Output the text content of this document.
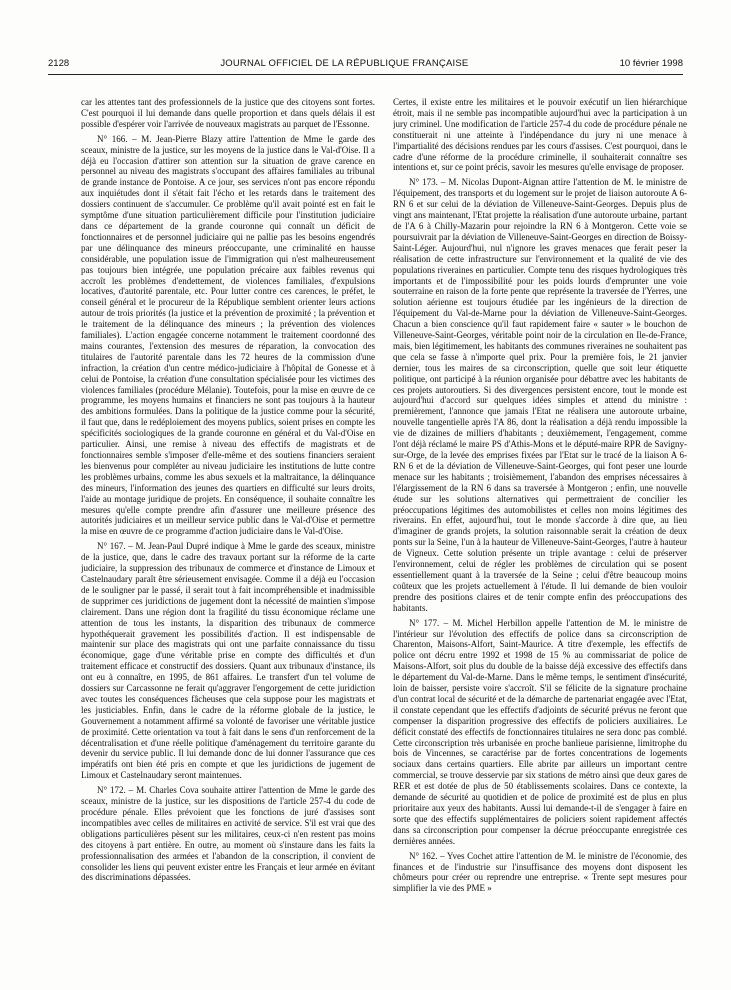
2128	JOURNAL OFFICIEL DE LA RÉPUBLIQUE FRANÇAISE	10 février 1998

car les attentes tant des professionnels de la justice que des citoyens sont fortes. C'est pourquoi il lui demande dans quelle proportion et dans quels délais il est possible d'espérer voir l'arrivée de nouveaux magistrats au parquet de l'Essonne.

N° 166. – M. Jean-Pierre Blazy attire l'attention de Mme le garde des sceaux, ministre de la justice, sur les moyens de la justice dans le Val-d'Oise. Il a déjà eu l'occasion d'attirer son attention sur la situation de grave carence en personnel au niveau des magistrats s'occupant des affaires familiales au tribunal de grande instance de Pontoise. A ce jour, ses services n'ont pas encore répondu aux inquiétudes dont il s'était fait l'écho et les retards dans le traitement des dossiers continuent de s'accumuler. Ce problème qu'il avait pointé est en fait le symptôme d'une situation particulièrement difficile pour l'institution judiciaire dans ce département de la grande couronne qui connaît un déficit de fonctionnaires et de personnel judiciaire qui ne pallie pas les besoins engendrés par une délinquance des mineurs préoccupante, une criminalité en hausse considérable, une population issue de l'immigration qui n'est malheureusement pas toujours bien intégrée, une population précaire aux faibles revenus qui accroît les problèmes d'endettement, de violences familiales, d'expulsions locatives, d'autorité parentale, etc. Pour lutter contre ces carences, le préfet, le conseil général et le procureur de la République semblent orienter leurs actions autour de trois priorités (la justice et la prévention de proximité ; la prévention et le traitement de la délinquance des mineurs ; la prévention des violences familiales). L'action engagée concerne notamment le traitement coordonné des mains courantes, l'extension des mesures de réparation, la convocation des titulaires de l'autorité parentale dans les 72 heures de la commission d'une infraction, la création d'un centre médico-judiciaire à l'hôpital de Gonesse et à celui de Pontoise, la création d'une consultation spécialisée pour les victimes des violences familiales (procédure Mélanie). Toutefois, pour la mise en œuvre de ce programme, les moyens humains et financiers ne sont pas toujours à la hauteur des ambitions formulées. Dans la politique de la justice comme pour la sécurité, il faut que, dans le redéploiement des moyens publics, soient prises en compte les spécificités sociologiques de la grande couronne en général et du Val-d'Oise en particulier. Ainsi, une remise à niveau des effectifs de magistrats et de fonctionnaires semble s'imposer d'elle-même et des soutiens financiers seraient les bienvenus pour compléter au niveau judiciaire les institutions de lutte contre les problèmes urbains, comme les abus sexuels et la maltraitance, la délinquance des mineurs, l'information des jeunes des quartiers en difficulté sur leurs droits, l'aide au montage juridique de projets. En conséquence, il souhaite connaître les mesures qu'elle compte prendre afin d'assurer une meilleure présence des autorités judiciaires et un meilleur service public dans le Val-d'Oise et permettre la mise en œuvre de ce programme d'action judiciaire dans le Val-d'Oise.

N° 167. – M. Jean-Paul Dupré indique à Mme le garde des sceaux, ministre de la justice, que, dans le cadre des travaux portant sur la réforme de la carte judiciaire, la suppression des tribunaux de commerce et d'instance de Limoux et Castelnaudary paraît être sérieusement envisagée. Comme il a déjà eu l'occasion de le souligner par le passé, il serait tout à fait incompréhensible et inadmissible de supprimer ces juridictions de jugement dont la nécessité de maintien s'impose clairement. Dans une région dont la fragilité du tissu économique réclame une attention de tous les instants, la disparition des tribunaux de commerce hypothéquerait gravement les possibilités d'action. Il est indispensable de maintenir sur place des magistrats qui ont une parfaite connaissance du tissu économique, gage d'une véritable prise en compte des difficultés et d'un traitement efficace et constructif des dossiers. Quant aux tribunaux d'instance, ils ont eu à connaître, en 1995, de 861 affaires. Le transfert d'un tel volume de dossiers sur Carcassonne ne ferait qu'aggraver l'engorgement de cette juridiction avec toutes les conséquences fâcheuses que cela suppose pour les magistrats et les justiciables. Enfin, dans le cadre de la réforme globale de la justice, le Gouvernement a notamment affirmé sa volonté de favoriser une véritable justice de proximité. Cette orientation va tout à fait dans le sens d'un renforcement de la décentralisation et d'une réelle politique d'aménagement du territoire garante du devenir du service public. Il lui demande donc de lui donner l'assurance que ces impératifs ont bien été pris en compte et que les juridictions de jugement de Limoux et Castelnaudary seront maintenues.

N° 172. – M. Charles Cova souhaite attirer l'attention de Mme le garde des sceaux, ministre de la justice, sur les dispositions de l'article 257-4 du code de procédure pénale. Elles prévoient que les fonctions de juré d'assises sont incompatibles avec celles de militaires en activité de service. S'il est vrai que des obligations particulières pèsent sur les militaires, ceux-ci n'en restent pas moins des citoyens à part entière. En outre, au moment où s'instaure dans les faits la professionnalisation des armées et l'abandon de la conscription, il convient de consolider les liens qui peuvent exister entre les Français et leur armée en évitant des discriminations dépassées.

Certes, il existe entre les militaires et le pouvoir exécutif un lien hiérarchique étroit, mais il ne semble pas incompatible aujourd'hui avec la participation à un jury criminel. Une modification de l'article 257-4 du code de procédure pénale ne constituerait ni une atteinte à l'indépendance du jury ni une menace à l'impartialité des décisions rendues par les cours d'assises. C'est pourquoi, dans le cadre d'une réforme de la procédure criminelle, il souhaiterait connaître ses intentions et, sur ce point précis, savoir les mesures qu'elle envisage de proposer.

N° 173. – M. Nicolas Dupont-Aignan attire l'attention de M. le ministre de l'équipement, des transports et du logement sur le projet de liaison autoroute A 6-RN 6 et sur celui de la déviation de Villeneuve-Saint-Georges. Depuis plus de vingt ans maintenant, l'Etat projette la réalisation d'une autoroute urbaine, partant de l'A 6 à Chilly-Mazarin pour rejoindre la RN 6 à Montgeron. Cette voie se poursuivrait par la déviation de Villeneuve-Saint-Georges en direction de Boissy-Saint-Léger. Aujourd'hui, nul n'ignore les graves menaces que ferait peser la réalisation de cette infrastructure sur l'environnement et la qualité de vie des populations riveraines en particulier. Compte tenu des risques hydrologiques très importants et de l'impossibilité pour les poids lourds d'emprunter une voie souterraine en raison de la forte pente que représente la traversée de l'Yerres, une solution aérienne est toujours étudiée par les ingénieurs de la direction de l'équipement du Val-de-Marne pour la déviation de Villeneuve-Saint-Georges. Chacun a bien conscience qu'il faut rapidement faire « sauter » le bouchon de Villeneuve-Saint-Georges, véritable point noir de la circulation en Ile-de-France, mais, bien légitimement, les habitants des communes riveraines ne souhaitent pas que cela se fasse à n'importe quel prix. Pour la première fois, le 21 janvier dernier, tous les maires de sa circonscription, quelle que soit leur étiquette politique, ont participé à la réunion organisée pour débattre avec les habitants de ces projets autoroutiers. Si des divergences persistent encore, tout le monde est aujourd'hui d'accord sur quelques idées simples et attend du ministre : premièrement, l'annonce que jamais l'Etat ne réalisera une autoroute urbaine, nouvelle tangentielle après l'A 86, dont la réalisation a déjà rendu impossible la vie de dizaines de milliers d'habitants ; deuxièmement, l'engagement, comme l'ont déjà réclamé le maire PS d'Athis-Mons et le député-maire RPR de Savigny-sur-Orge, de la levée des emprises fixées par l'Etat sur le tracé de la liaison A 6-RN 6 et de la déviation de Villeneuve-Saint-Georges, qui font peser une lourde menace sur les habitants ; troisièmement, l'abandon des emprises nécessaires à l'élargissement de la RN 6 dans sa traversée à Montgeron ; enfin, une nouvelle étude sur les solutions alternatives qui permettraient de concilier les préoccupations légitimes des automobilistes et celles non moins légitimes des riverains. En effet, aujourd'hui, tout le monde s'accorde à dire que, au lieu d'imaginer de grands projets, la solution raisonnable serait la création de deux ponts sur la Seine, l'un à la hauteur de Villeneuve-Saint-Georges, l'autre à hauteur de Vigneux. Cette solution présente un triple avantage : celui de préserver l'environnement, celui de régler les problèmes de circulation qui se posent essentiellement quant à la traversée de la Seine ; celui d'être beaucoup moins coûteux que les projets actuellement à l'étude. Il lui demande de bien vouloir prendre des positions claires et de tenir compte enfin des préoccupations des habitants.

N° 177. – M. Michel Herbillon appelle l'attention de M. le ministre de l'intérieur sur l'évolution des effectifs de police dans sa circonscription de Charenton, Maisons-Alfort, Saint-Maurice. A titre d'exemple, les effectifs de police ont décru entre 1992 et 1998 de 15 % au commissariat de police de Maisons-Alfort, soit plus du double de la baisse déjà excessive des effectifs dans le département du Val-de-Marne. Dans le même temps, le sentiment d'insécurité, loin de baisser, persiste voire s'accroît. S'il se félicite de la signature prochaine d'un contrat local de sécurité et de la démarche de partenariat engagée avec l'Etat, il constate cependant que les effectifs d'adjoints de sécurité prévus ne feront que compenser la disparition progressive des effectifs de policiers auxiliaires. Le déficit constaté des effectifs de fonctionnaires titulaires ne sera donc pas comblé. Cette circonscription très urbanisée en proche banlieue parisienne, limitrophe du bois de Vincennes, se caractérise par de fortes concentrations de logements sociaux dans certains quartiers. Elle abrite par ailleurs un important centre commercial, se trouve desservie par six stations de métro ainsi que deux gares de RER et est dotée de plus de 50 établissements scolaires. Dans ce contexte, la demande de sécurité au quotidien et de police de proximité est de plus en plus prioritaire aux yeux des habitants. Aussi lui demande-t-il de s'engager à faire en sorte que des effectifs supplémentaires de policiers soient rapidement affectés dans sa circonscription pour compenser la décrue préoccupante enregistrée ces dernières années.

N° 162. – Yves Cochet attire l'attention de M. le ministre de l'économie, des finances et de l'industrie sur l'insuffisance des moyens dont disposent les chômeurs pour créer ou reprendre une entreprise. « Trente sept mesures pour simplifier la vie des PME »
